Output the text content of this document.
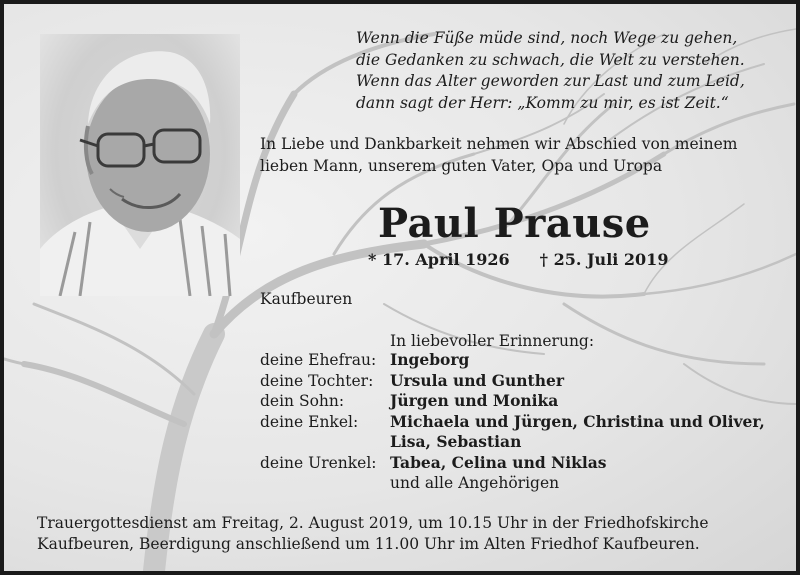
Wenn die Füße müde sind, noch Wege zu gehen,
die Gedanken zu schwach, die Welt zu verstehen.
Wenn das Alter geworden zur Last und zum Leid,
dann sagt der Herr: „Komm zu mir, es ist Zeit.“
In Liebe und Dankbarkeit nehmen wir Abschied von meinem
lieben Mann, unserem guten Vater, Opa und Uropa
Paul Prause
* 17. April 1926 † 25. Juli 2019
Kaufbeuren
In liebevoller Erinnerung:
deine Ehefrau:	Ingeborg
deine Tochter:	Ursula und Gunther
dein Sohn:	Jürgen und Monika
deine Enkel:	Michaela und Jürgen, Christina und Oliver,
	Lisa, Sebastian
deine Urenkel:	Tabea, Celina und Niklas
	und alle Angehörigen
Trauergottesdienst am Freitag, 2. August 2019, um 10.15 Uhr in der Friedhofskirche
Kaufbeuren, Beerdigung anschließend um 11.00 Uhr im Alten Friedhof Kaufbeuren.
